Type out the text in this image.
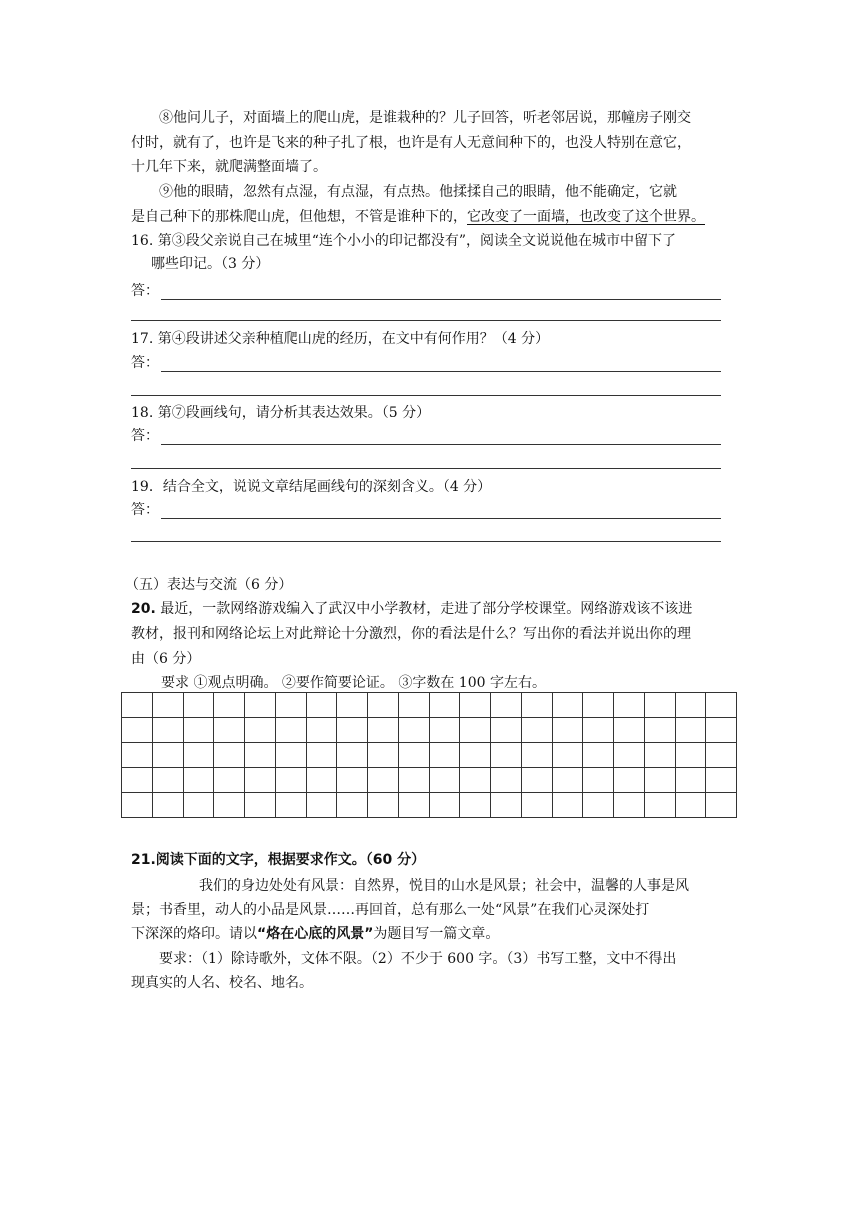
⑧他问儿子，对面墙上的爬山虎，是谁栽种的？儿子回答，听老邻居说，那幢房子刚交

付时，就有了，也许是飞来的种子扎了根，也许是有人无意间种下的，也没人特别在意它，

十几年下来，就爬满整面墙了。

⑨他的眼睛，忽然有点湿，有点湿，有点热。他揉揉自己的眼睛，他不能确定，它就

是自己种下的那株爬山虎，但他想，不管是谁种下的，它改变了一面墙，也改变了这个世界。

16. 第③段父亲说自己在城里“连个小小的印记都没有”，阅读全文说说他在城市中留下了

哪些印记。（3 分）

答：

17. 第④段讲述父亲种植爬山虎的经历，在文中有何作用？（4 分）

答：

18. 第⑦段画线句，请分析其表达效果。（5 分）

答：

19．结合全文，说说文章结尾画线句的深刻含义。（4 分）

答：

（五）表达与交流（6 分）

20. 最近，一款网络游戏编入了武汉中小学教材，走进了部分学校课堂。网络游戏该不该进

教材，报刊和网络论坛上对此辩论十分激烈，你的看法是什么？写出你的看法并说出你的理

由（6 分）

要求 ①观点明确。 ②要作简要论证。 ③字数在 100 字左右。

21.阅读下面的文字，根据要求作文。（60 分）

我们的身边处处有风景：自然界，悦目的山水是风景；社会中，温馨的人事是风

景；书香里，动人的小品是风景……再回首，总有那么一处“风景”在我们心灵深处打

下深深的烙印。请以“烙在心底的风景”为题目写一篇文章。

要求：（1）除诗歌外，文体不限。（2）不少于 600 字。（3）书写工整，文中不得出

现真实的人名、校名、地名。
